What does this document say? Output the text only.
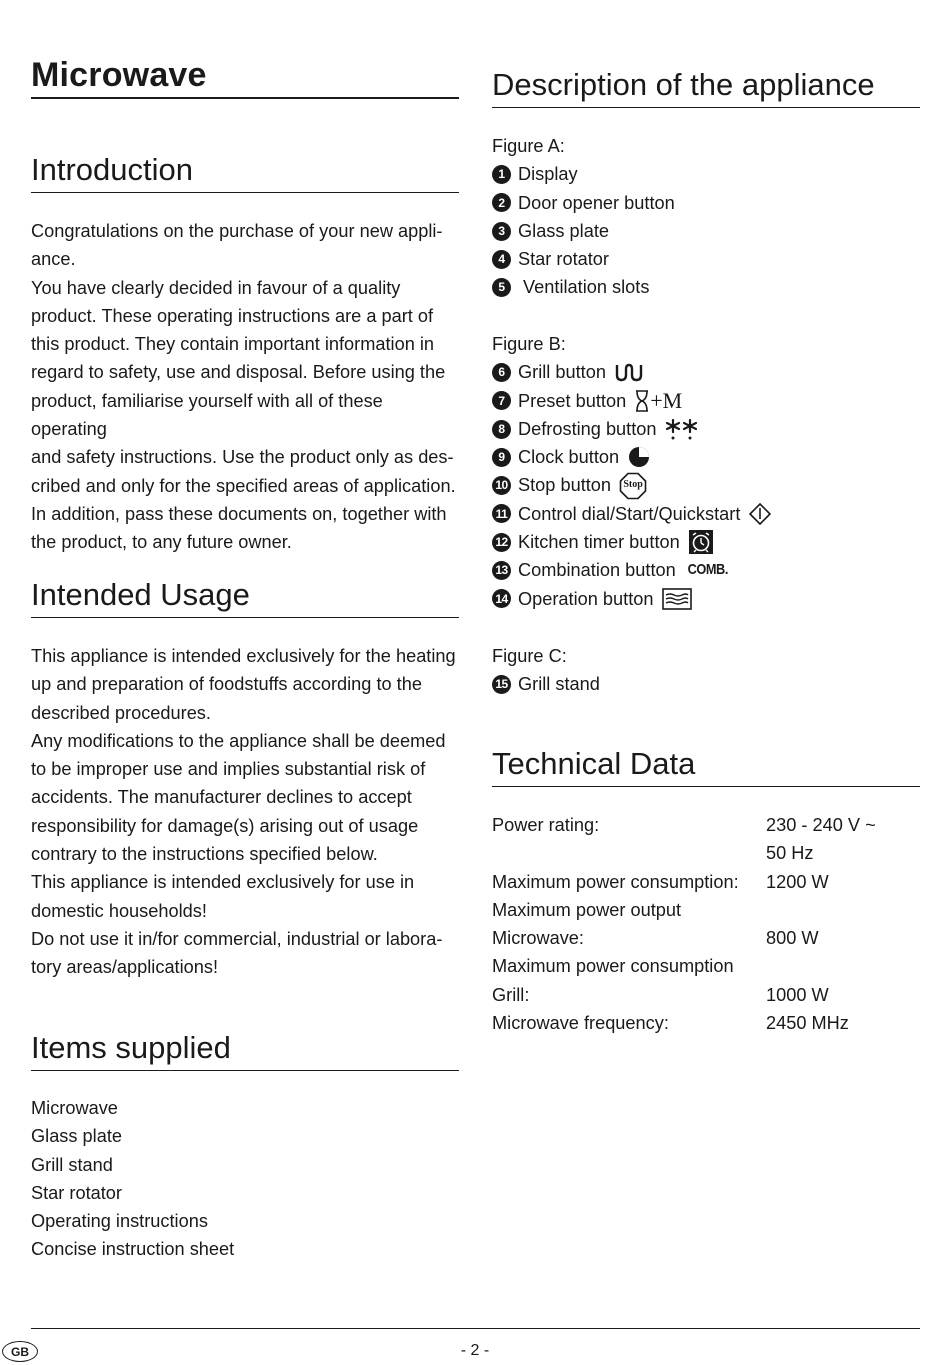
Microwave
Introduction

Congratulations on the purchase of your new appli-

ance.

You have clearly decided in favour of a quality

product. These operating instructions are a part of

this product. They contain important information in

regard to safety, use and disposal. Before using the

product, familiarise yourself with all of these operating

and safety instructions. Use the product only as des-

cribed and only for the specified areas of application.

In addition, pass these documents on, together with

the product, to any future owner.

Intended Usage

This appliance is intended exclusively for the heating

up and preparation of foodstuffs according to the

described procedures.

Any modifications to the appliance shall be deemed

to be improper use and implies substantial risk of

accidents. The manufacturer declines to accept

responsibility for damage(s) arising out of usage

contrary to the instructions specified below.

This appliance is intended exclusively for use in

domestic households!

Do not use it in/for commercial, industrial or labora-

tory areas/applications!

Items supplied

Microwave

Glass plate

Grill stand

Star rotator

Operating instructions

Concise instruction sheet

Description of the appliance
Figure A:
1 Display
2 Door opener button
3 Glass plate
4 Star rotator
5 Ventilation slots
Figure B:
6 Grill button
7 Preset button +M
8 Defrosting button
9 Clock button
10 Stop button	Stop
11 Control dial/Start/Quickstart
12 Kitchen timer button
13 Combination button COMB.
14 Operation button
Figure C:
15 Grill stand
Technical Data
Power rating:	230 - 240 V ~
50 Hz
Maximum power consumption:	1200 W
Maximum power output
Microwave:	800 W
Maximum power consumption
Grill:	1000 W
Microwave frequency:	2450 MHz
GB	- 2 -
